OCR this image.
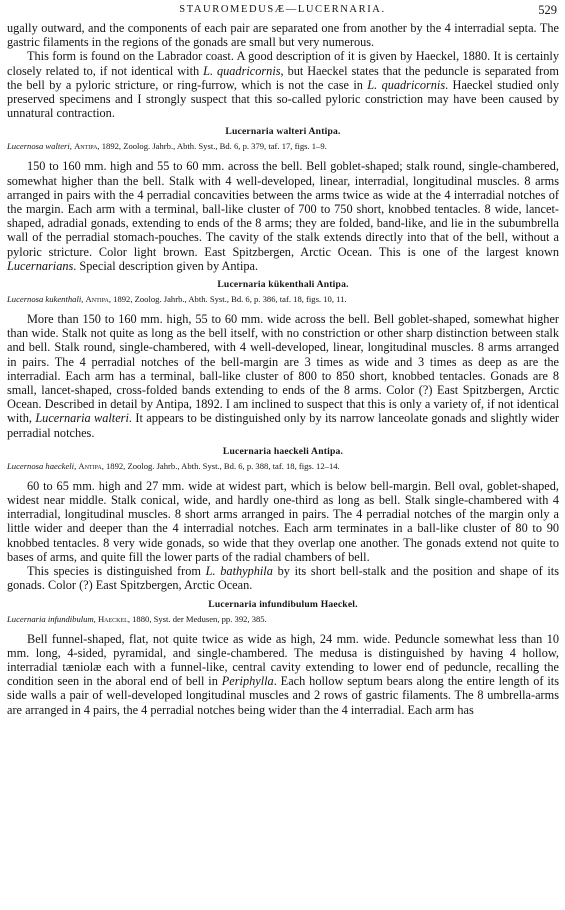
STAUROMEDUSÆ—LUCERNARIA.	529

ugally outward, and the components of each pair are separated one from another by the 4 interradial septa. The gastric filaments in the regions of the gonads are small but very numerous.

This form is found on the Labrador coast. A good description of it is given by Haeckel, 1880. It is certainly closely related to, if not identical with L. quadricornis, but Haeckel states that the peduncle is separated from the bell by a pyloric stricture, or ring-furrow, which is not the case in L. quadricornis. Haeckel studied only preserved specimens and I strongly suspect that this so-called pyloric constriction may have been caused by unnatural contraction.

Lucernaria walteri Antipa.
Lucernosa walteri, Antipa, 1892, Zoolog. Jahrb., Abth. Syst., Bd. 6, p. 379, taf. 17, figs. 1–9.

150 to 160 mm. high and 55 to 60 mm. across the bell. Bell goblet-shaped; stalk round, single-chambered, somewhat higher than the bell. Stalk with 4 well-developed, linear, interradial, longitudinal muscles. 8 arms arranged in pairs with the 4 perradial concavities between the arms twice as wide at the 4 interradial notches of the margin. Each arm with a terminal, ball-like cluster of 700 to 750 short, knobbed tentacles. 8 wide, lancet-shaped, adradial gonads, extending to ends of the 8 arms; they are folded, band-like, and lie in the subumbrella wall of the perradial stomach-pouches. The cavity of the stalk extends directly into that of the bell, without a pyloric stricture. Color light brown. East Spitzbergen, Arctic Ocean. This is one of the largest known Lucernarians. Special description given by Antipa.

Lucernaria kükenthali Antipa.
Lucernosa kukenthali, Antipa, 1892, Zoolog. Jahrb., Abth. Syst., Bd. 6, p. 386, taf. 18, figs. 10, 11.

More than 150 to 160 mm. high, 55 to 60 mm. wide across the bell. Bell goblet-shaped, somewhat higher than wide. Stalk not quite as long as the bell itself, with no constriction or other sharp distinction between stalk and bell. Stalk round, single-chambered, with 4 well-developed, linear, longitudinal muscles. 8 arms arranged in pairs. The 4 perradial notches of the bell-margin are 3 times as wide and 3 times as deep as are the interradial. Each arm has a terminal, ball-like cluster of 800 to 850 short, knobbed tentacles. Gonads are 8 small, lancet-shaped, cross-folded bands extending to ends of the 8 arms. Color (?) East Spitzbergen, Arctic Ocean. Described in detail by Antipa, 1892. I am inclined to suspect that this is only a variety of, if not identical with, Lucernaria walteri. It appears to be distinguished only by its narrow lanceolate gonads and slightly wider perradial notches.

Lucernaria haeckeli Antipa.
Lucernosa haeckeli, Antipa, 1892, Zoolog. Jahrb., Abth. Syst., Bd. 6, p. 388, taf. 18, figs. 12–14.

60 to 65 mm. high and 27 mm. wide at widest part, which is below bell-margin. Bell oval, goblet-shaped, widest near middle. Stalk conical, wide, and hardly one-third as long as bell. Stalk single-chambered with 4 interradial, longitudinal muscles. 8 short arms arranged in pairs. The 4 perradial notches of the margin only a little wider and deeper than the 4 interradial notches. Each arm terminates in a ball-like cluster of 80 to 90 knobbed tentacles. 8 very wide gonads, so wide that they overlap one another. The gonads extend not quite to bases of arms, and quite fill the lower parts of the radial chambers of bell.

This species is distinguished from L. bathyphila by its short bell-stalk and the position and shape of its gonads. Color (?) East Spitzbergen, Arctic Ocean.

Lucernaria infundibulum Haeckel.
Lucernaria infundibulum, Haeckel, 1880, Syst. der Medusen, pp. 392, 385.

Bell funnel-shaped, flat, not quite twice as wide as high, 24 mm. wide. Peduncle somewhat less than 10 mm. long, 4-sided, pyramidal, and single-chambered. The medusa is distinguished by having 4 hollow, interradial tæniolæ each with a funnel-like, central cavity extending to lower end of peduncle, recalling the condition seen in the aboral end of bell in Periphylla. Each hollow septum bears along the entire length of its side walls a pair of well-developed longitudinal muscles and 2 rows of gastric filaments. The 8 umbrella-arms are arranged in 4 pairs, the 4 perradial notches being wider than the 4 interradial. Each arm has
